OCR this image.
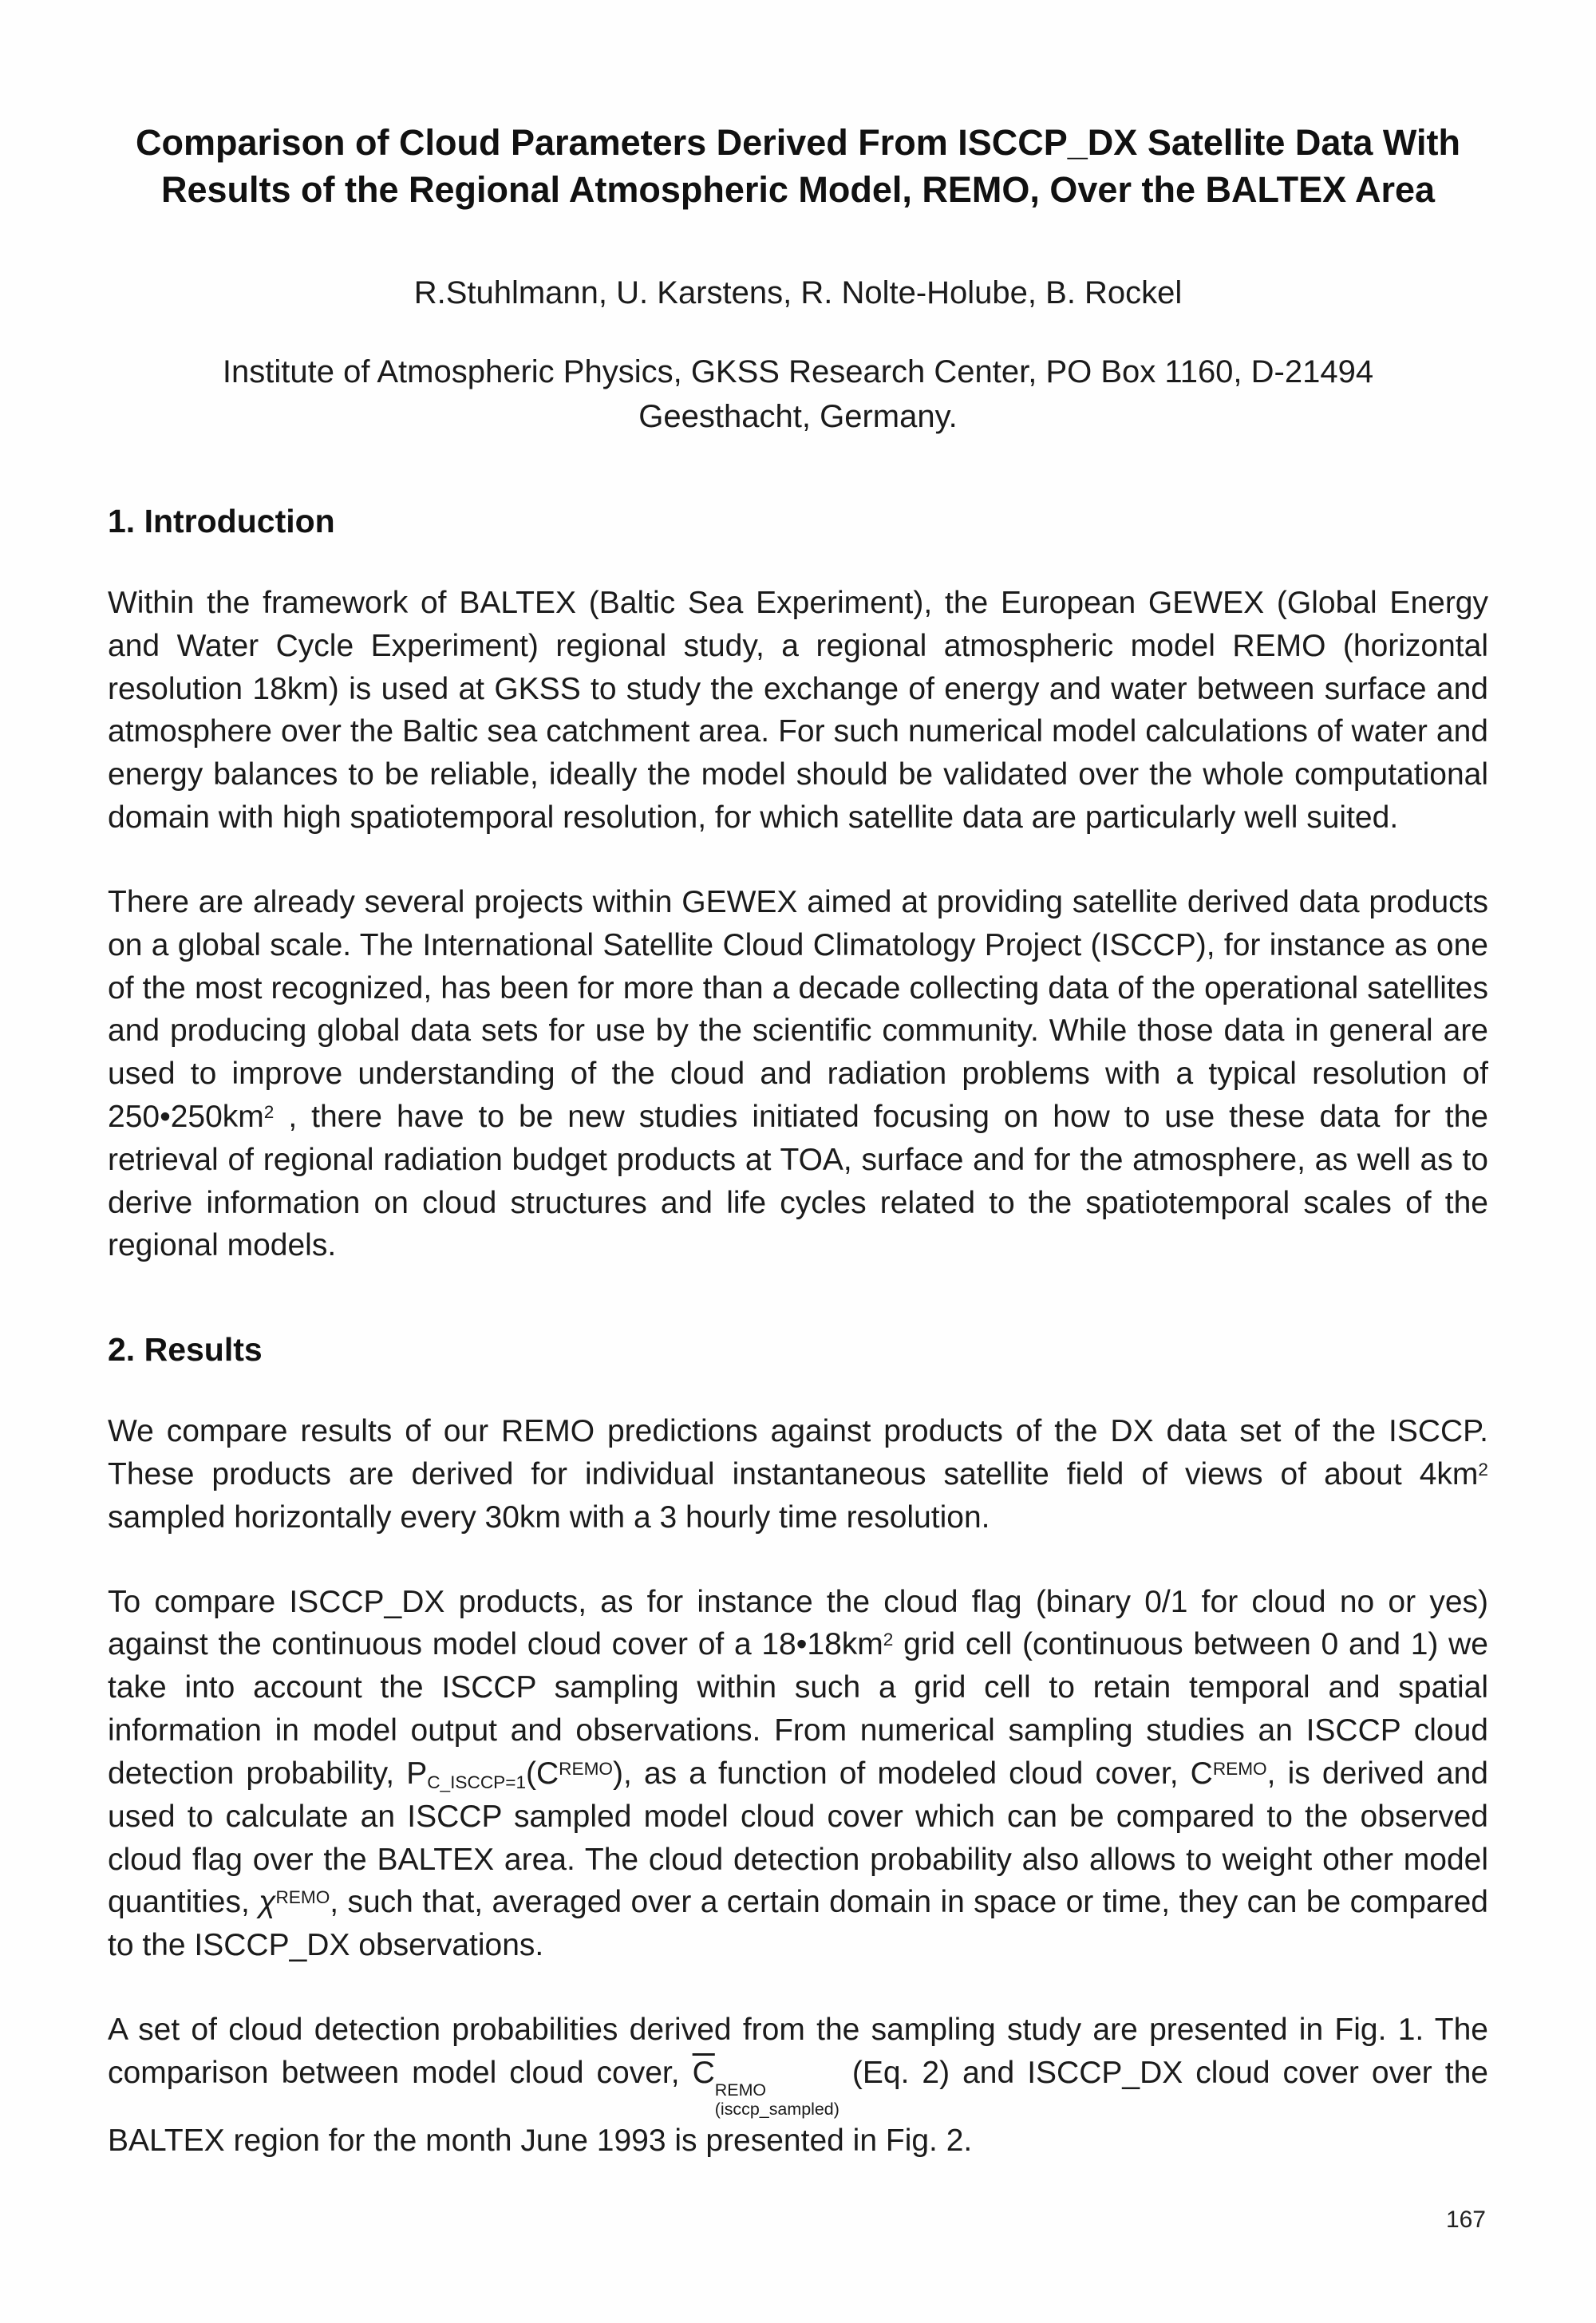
Comparison of Cloud Parameters Derived From ISCCP_DX Satellite Data With Results of the Regional Atmospheric Model, REMO, Over the BALTEX Area

R.Stuhlmann, U. Karstens, R. Nolte-Holube, B. Rockel

Institute of Atmospheric Physics, GKSS Research Center, PO Box 1160, D-21494 Geesthacht, Germany.

1. Introduction

Within the framework of BALTEX (Baltic Sea Experiment), the European GEWEX (Global Energy and Water Cycle Experiment) regional study, a regional atmospheric model REMO (horizontal resolution 18km) is used at GKSS to study the exchange of energy and water between surface and atmosphere over the Baltic sea catchment area. For such numerical model calculations of water and energy balances to be reliable, ideally the model should be validated over the whole computational domain with high spatiotemporal resolution, for which satellite data are particularly well suited.

There are already several projects within GEWEX aimed at providing satellite derived data products on a global scale. The International Satellite Cloud Climatology Project (ISCCP), for instance as one of the most recognized, has been for more than a decade collecting data of the operational satellites and producing global data sets for use by the scientific community. While those data in general are used to improve understanding of the cloud and radiation problems with a typical resolution of $250•250km^2$ , there have to be new studies initiated focusing on how to use these data for the retrieval of regional radiation budget products at TOA, surface and for the atmosphere, as well as to derive information on cloud structures and life cycles related to the spatiotemporal scales of the regional models.

2. Results

We compare results of our REMO predictions against products of the DX data set of the ISCCP. These products are derived for individual instantaneous satellite field of views of about $4km^2$ sampled horizontally every 30km with a 3 hourly time resolution.

To compare ISCCP_DX products, as for instance the cloud flag (binary 0/1 for cloud no or yes) against the continuous model cloud cover of a $18•18km^2$ grid cell (continuous between 0 and 1) we take into account the ISCCP sampling within such a grid cell to retain temporal and spatial information in model output and observations. From numerical sampling studies an ISCCP cloud detection probability, $P_{C\_ISCCP=1}(C^{REMO})$, as a function of modeled cloud cover, $C^{REMO}$, is derived and used to calculate an ISCCP sampled model cloud cover which can be compared to the observed cloud flag over the BALTEX area. The cloud detection probability also allows to weight other model quantities, $\chi^{REMO}$, such that, averaged over a certain domain in space or time, they can be compared to the ISCCP_DX observations.

A set of cloud detection probabilities derived from the sampling study are presented in Fig. 1. The comparison between model cloud cover, $\overline{C}$
REMO
(isccp_sampled)
(Eq. 2) and ISCCP_DX cloud cover over the BALTEX region for the month June 1993 is presented in Fig. 2.

167
